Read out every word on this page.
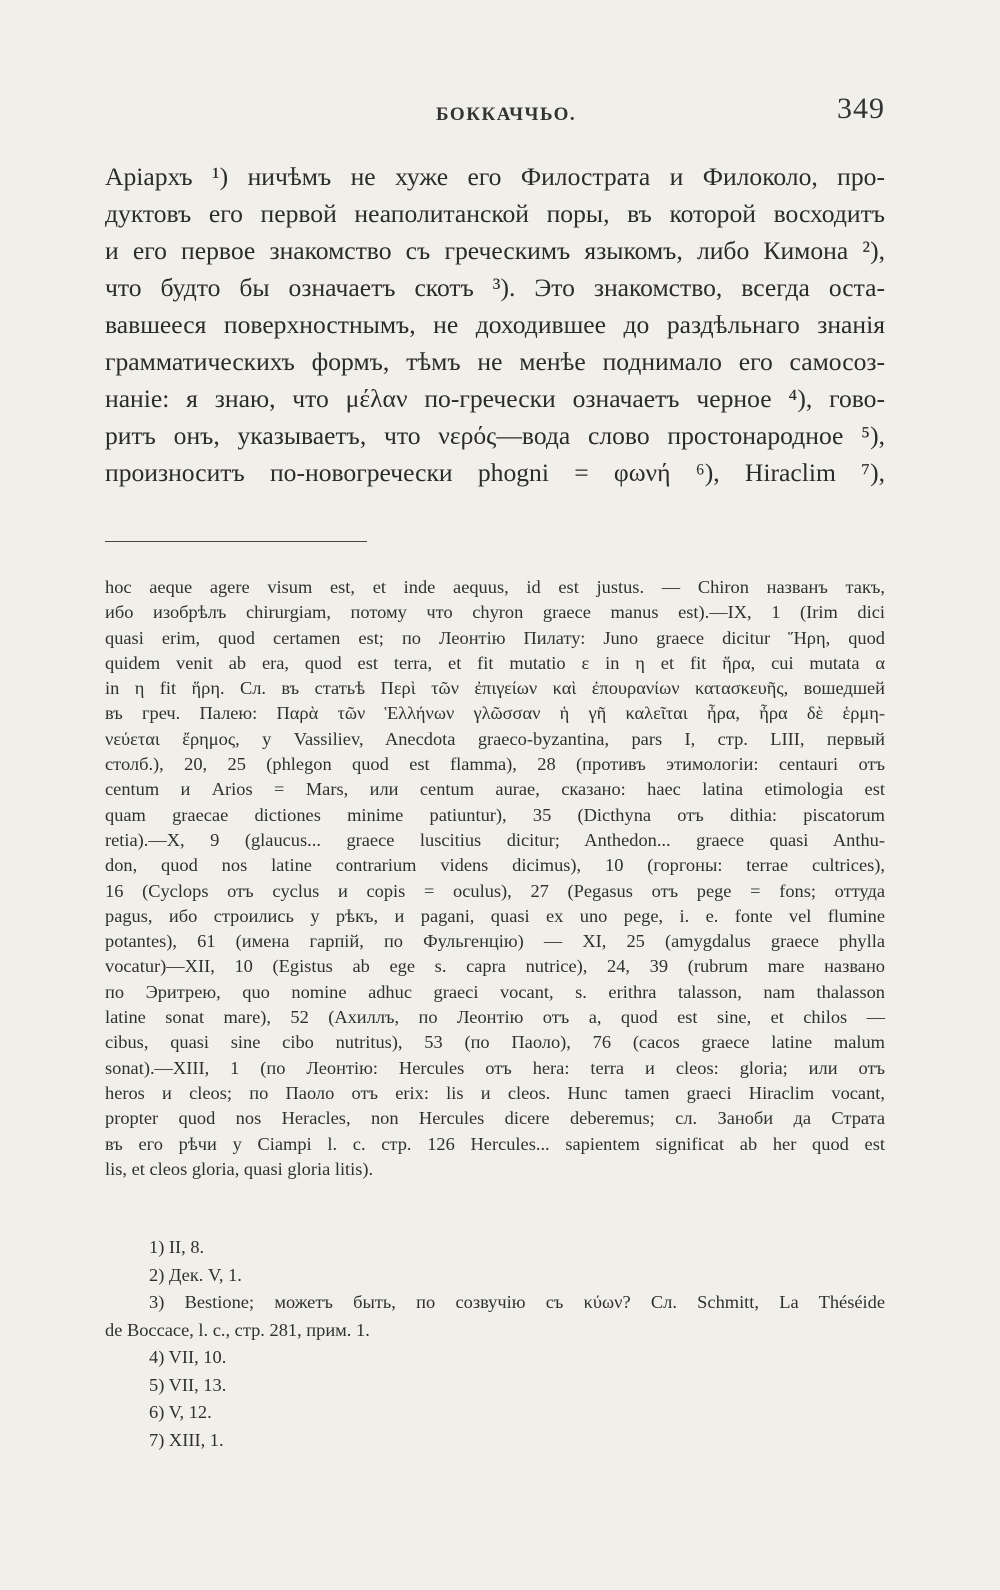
БОККАЧЧЬО.	349
Аріархъ ¹) ничѣмъ не хуже его Филострата и Филоколо, про-
дуктовъ его первой неаполитанской поры, въ которой восходитъ
и его первое знакомство съ греческимъ языкомъ, либо Кимона ²),
что будто бы означаетъ скотъ ³). Это знакомство, всегда оста-
вавшееся поверхностнымъ, не доходившее до раздѣльнаго знанія
грамматическихъ формъ, тѣмъ не менѣе поднимало его самосоз-
наніе: я знаю, что μέλαν по-гречески означаетъ черное ⁴), гово-
ритъ онъ, указываетъ, что νερός—вода слово простонародное ⁵),
произноситъ по-новогречески phogni = φωνή ⁶), Hiraclim ⁷),
hoc aeque agere visum est, et inde aequus, id est justus. — Chiron названъ такъ,
ибо изобрѣлъ chirurgiam, потому что chyron graece manus est).—IX, 1 (Irim dici
quasi erim, quod certamen est; по Леонтію Пилату: Juno graece dicitur Ἥρη, quod
quidem venit ab era, quod est terra, et fit mutatio ε in η et fit ἥρα, cui mutata α
in η fit ἥρη. Сл. въ статьѣ Περὶ τῶν ἐπιγείων καὶ ἐπουρανίων κατασκευῆς, вошедшей
въ греч. Палею: Παρὰ τῶν Ἑλλήνων γλῶσσαν ἡ γῆ καλεῖται ἦρα, ἦρα δὲ ἑρμη-
νεύεται ἔρημος, у Vassiliev, Anecdota graeco-byzantina, pars I, стр. LIII, первый
столб.), 20, 25 (phlegon quod est flamma), 28 (противъ этимологіи: centauri отъ
centum и Arios = Mars, или centum aurae, сказано: haec latina etimologia est
quam graecae dictiones minime patiuntur), 35 (Dicthyna отъ dithia: piscatorum
retia).—X, 9 (glaucus... graece luscitius dicitur; Anthedon... graece quasi Anthu-
don, quod nos latine contrarium videns dicimus), 10 (горгоны: terrae cultrices),
16 (Cyclops отъ cyclus и copis = oculus), 27 (Pegasus отъ pege = fons; оттуда
pagus, ибо строились у рѣкъ, и pagani, quasi ex uno pege, i. e. fonte vel flumine
potantes), 61 (имена гарпій, по Фульгенцію) — XI, 25 (amygdalus graece phylla
vocatur)—XII, 10 (Egistus ab ege s. capra nutrice), 24, 39 (rubrum mare названо
по Эритрею, quo nomine adhuc graeci vocant, s. erithra talasson, nam thalasson
latine sonat mare), 52 (Ахиллъ, по Леонтію отъ а, quod est sine, et chilos —
cibus, quasi sine cibo nutritus), 53 (по Паоло), 76 (cacos graece latine malum
sonat).—XIII, 1 (по Леонтію: Hercules отъ hera: terra и cleos: gloria; или отъ
heros и cleos; по Паоло отъ erix: lis и cleos. Hunc tamen graeci Hiraclim vocant,
propter quod nos Heracles, non Hercules dicere deberemus; сл. Заноби да Страта
въ его рѣчи у Ciampi l. c. стр. 126 Hercules... sapientem significat ab her quod est
lis, et cleos gloria, quasi gloria litis).
1) II, 8.
2) Дек. V, 1.
3) Bestione; можетъ быть, по созвучію съ κύων? Сл. Schmitt, La Théséide
de Boccace, l. c., стр. 281, прим. 1.
4) VII, 10.
5) VII, 13.
6) V, 12.
7) XIII, 1.
